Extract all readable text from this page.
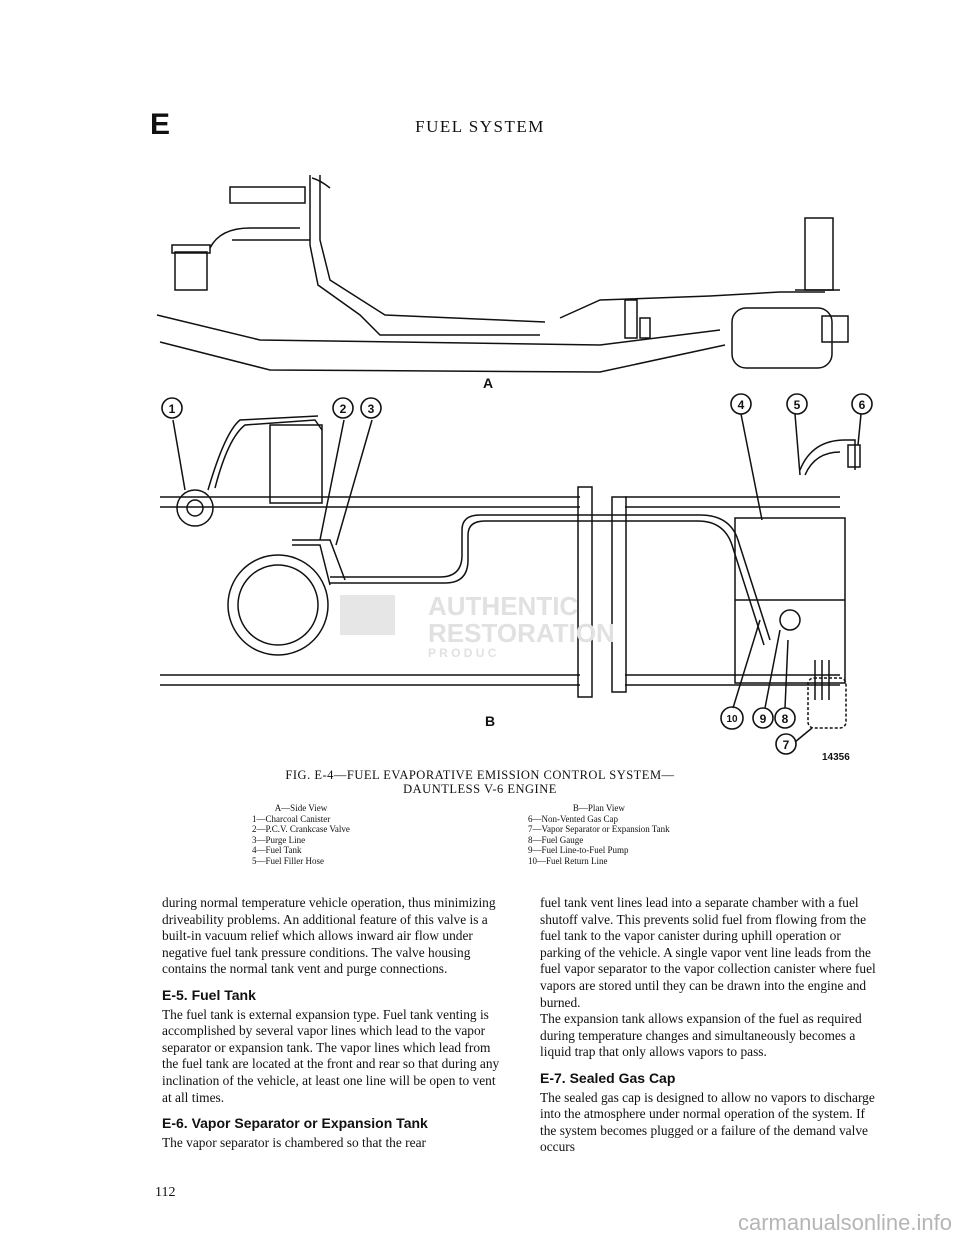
E	FUEL SYSTEM
A
AUTHENTIC
RESTORATION
P R O D U C
B
1	2 3	4	5	6
7
8
9
10
14356
FIG. E-4—FUEL EVAPORATIVE EMISSION CONTROL SYSTEM—
DAUNTLESS V-6 ENGINE
A—Side View
1—Charcoal Canister
2—P.C.V. Crankcase Valve
3—Purge Line
4—Fuel Tank
5—Fuel Filler Hose
B—Plan View
6—Non-Vented Gas Cap
7—Vapor Separator or Expansion Tank
8—Fuel Gauge
9—Fuel Line-to-Fuel Pump
10—Fuel Return Line

during normal temperature vehicle operation, thus minimizing driveability problems. An additional feature of this valve is a built-in vacuum relief which allows inward air flow under negative fuel tank pressure conditions. The valve housing contains the normal tank vent and purge connections.

E-5. Fuel Tank

The fuel tank is external expansion type. Fuel tank venting is accomplished by several vapor lines which lead to the vapor separator or expansion tank. The vapor lines which lead from the fuel tank are located at the front and rear so that during any inclination of the vehicle, at least one line will be open to vent at all times.

E-6. Vapor Separator or Expansion Tank

The vapor separator is chambered so that the rear

fuel tank vent lines lead into a separate chamber with a fuel shutoff valve. This prevents solid fuel from flowing from the fuel tank to the vapor canister during uphill operation or parking of the vehicle. A single vapor vent line leads from the fuel vapor separator to the vapor collection canister where fuel vapors are stored until they can be drawn into the engine and burned.

The expansion tank allows expansion of the fuel as required during temperature changes and simultaneously becomes a liquid trap that only allows vapors to pass.

E-7. Sealed Gas Cap

The sealed gas cap is designed to allow no vapors to discharge into the atmosphere under normal operation of the system. If the system becomes plugged or a failure of the demand valve occurs

112
carmanualsonline.info
